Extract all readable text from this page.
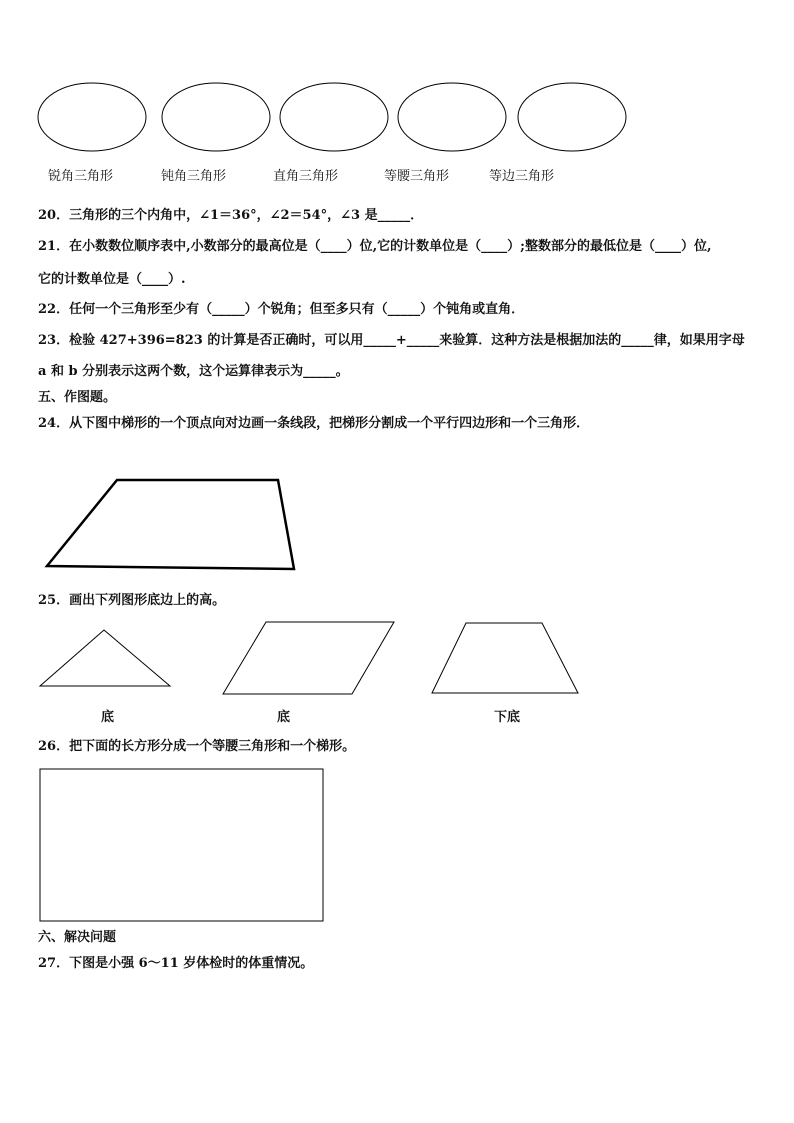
锐角三角形	钝角三角形	直角三角形	等腰三角形	等边三角形
20．三角形的三个内角中，∠1＝36°，∠2＝54°，∠3 是_____．
21．在小数数位顺序表中,小数部分的最高位是（____）位,它的计数单位是（____）;整数部分的最低位是（____）位,
它的计数单位是（____）.
22．任何一个三角形至少有（_____）个锐角；但至多只有（_____）个钝角或直角．
23．检验 427+396=823 的计算是否正确时，可以用_____+_____来验算．这种方法是根据加法的_____律，如果用字母
a 和 b 分别表示这两个数，这个运算律表示为_____。
五、作图题。
24．从下图中梯形的一个顶点向对边画一条线段，把梯形分割成一个平行四边形和一个三角形．
25．画出下列图形底边上的高。
底	底	下底
26．把下面的长方形分成一个等腰三角形和一个梯形。
六、解决问题
27．下图是小强 6～11 岁体检时的体重情况。
